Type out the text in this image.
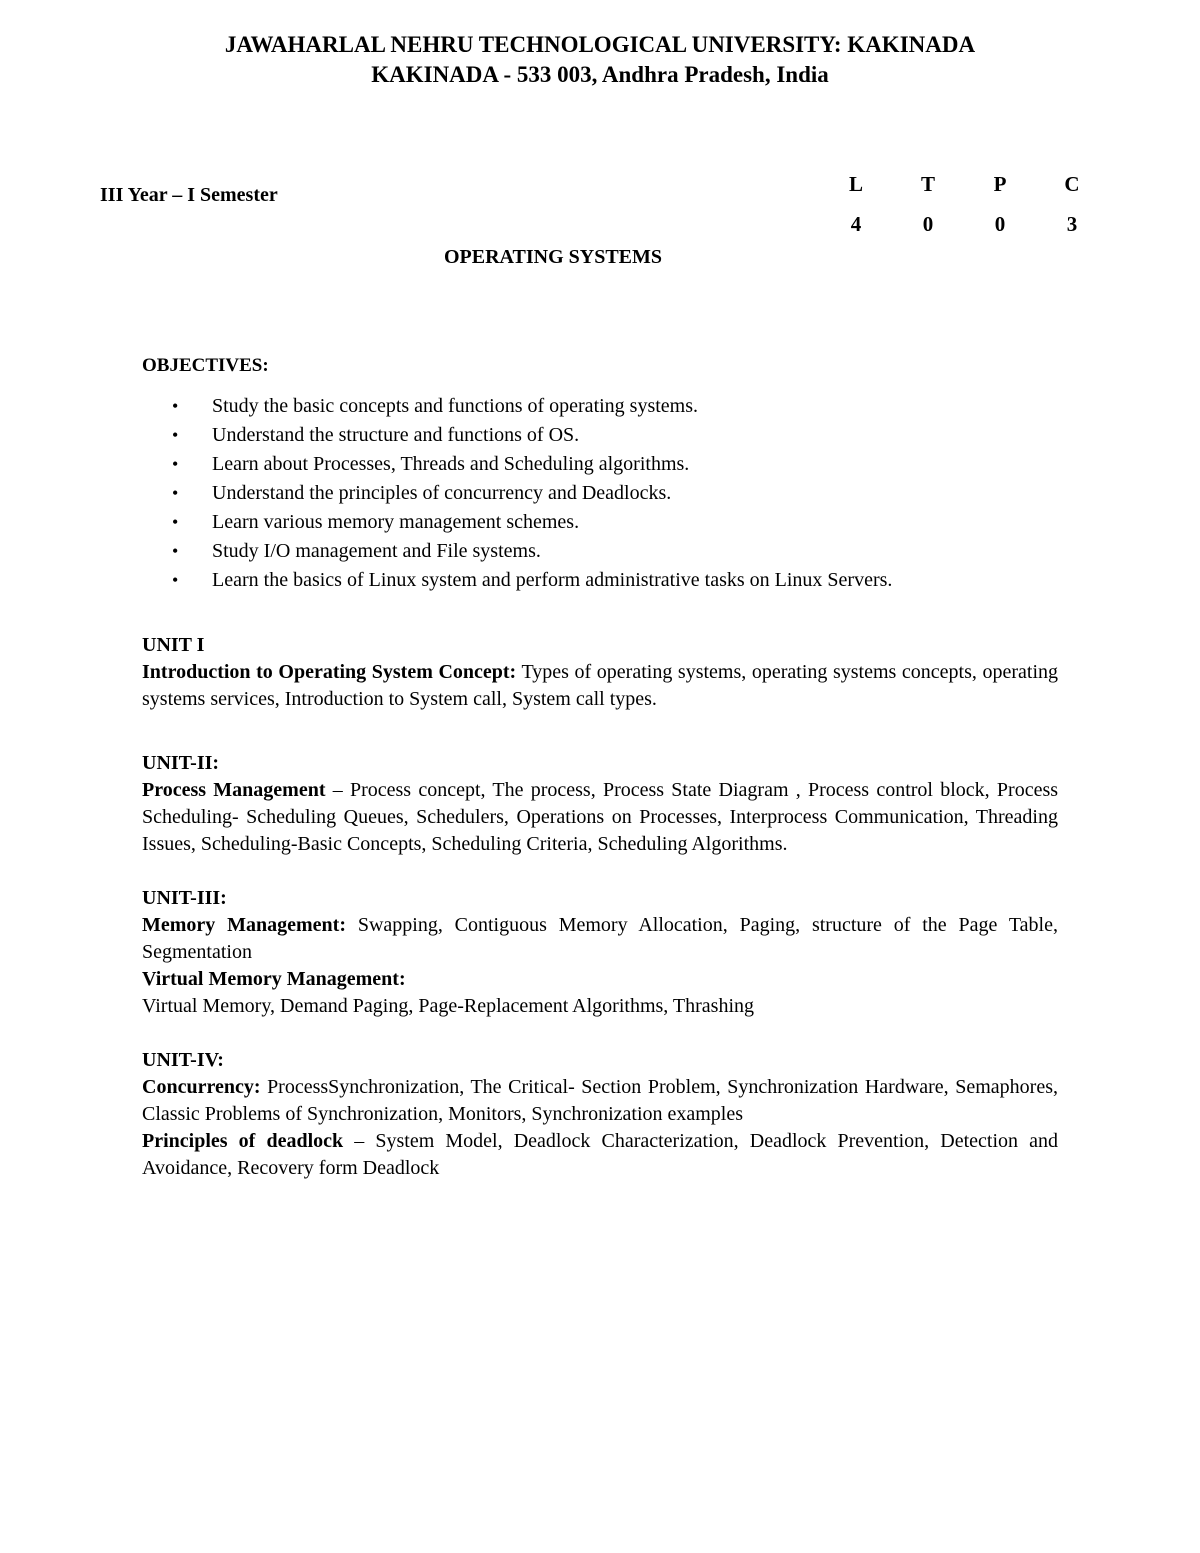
JAWAHARLAL NEHRU TECHNOLOGICAL UNIVERSITY: KAKINADA
KAKINADA - 533 003, Andhra Pradesh, India
III Year – I Semester	L	T	P	C
4	0	0	3
OPERATING SYSTEMS
OBJECTIVES:
• Study the basic concepts and functions of operating systems.
• Understand the structure and functions of OS.
• Learn about Processes, Threads and Scheduling algorithms.
• Understand the principles of concurrency and Deadlocks.
• Learn various memory management schemes.
• Study I/O management and File systems.
• Learn the basics of Linux system and perform administrative tasks on Linux Servers.
UNIT I
Introduction to Operating System Concept: Types of operating systems, operating systems concepts, operating systems services, Introduction to System call, System call types.
UNIT-II:
Process Management – Process concept, The process, Process State Diagram , Process control block, Process Scheduling- Scheduling Queues, Schedulers, Operations on Processes, Interprocess Communication, Threading Issues, Scheduling-Basic Concepts, Scheduling Criteria, Scheduling Algorithms.
UNIT-III:
Memory Management: Swapping, Contiguous Memory Allocation, Paging, structure of the Page Table, Segmentation
Virtual Memory Management:
Virtual Memory, Demand Paging, Page-Replacement Algorithms, Thrashing
UNIT-IV:
Concurrency: ProcessSynchronization, The Critical- Section Problem, Synchronization Hardware, Semaphores, Classic Problems of Synchronization, Monitors, Synchronization examples
Principles of deadlock – System Model, Deadlock Characterization, Deadlock Prevention, Detection and Avoidance, Recovery form Deadlock
